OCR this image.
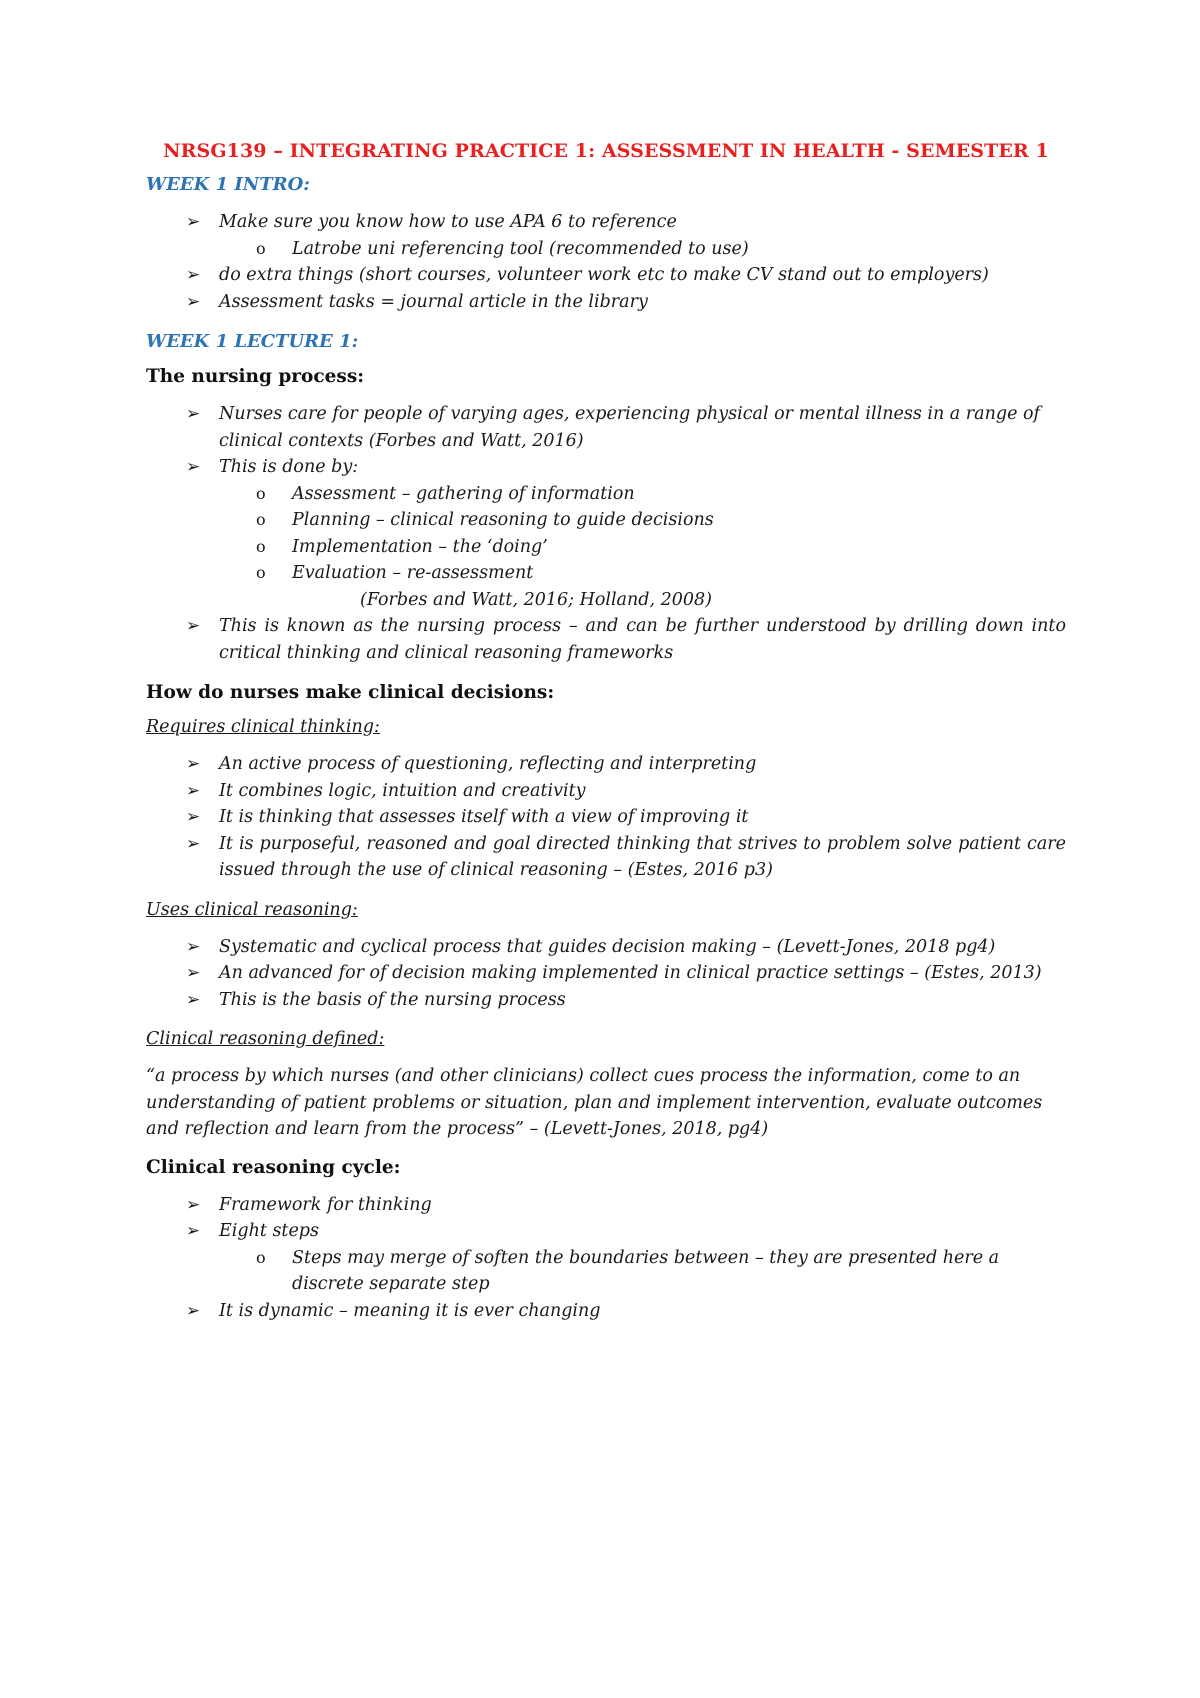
NRSG139 – INTEGRATING PRACTICE 1: ASSESSMENT IN HEALTH - SEMESTER 1
WEEK 1 INTRO:
➢ Make sure you know how to use APA 6 to reference
o Latrobe uni referencing tool (recommended to use)
➢ do extra things (short courses, volunteer work etc to make CV stand out to employers)
➢ Assessment tasks = journal article in the library
WEEK 1 LECTURE 1:
The nursing process:
➢ Nurses care for people of varying ages, experiencing physical or mental illness in a range of clinical contexts (Forbes and Watt, 2016)
➢ This is done by:
o Assessment – gathering of information
o Planning – clinical reasoning to guide decisions
o Implementation – the ‘doing’
o Evaluation – re-assessment
(Forbes and Watt, 2016; Holland, 2008)
➢ This is known as the nursing process – and can be further understood by drilling down into critical thinking and clinical reasoning frameworks
How do nurses make clinical decisions:
Requires clinical thinking:
➢ An active process of questioning, reflecting and interpreting
➢ It combines logic, intuition and creativity
➢ It is thinking that assesses itself with a view of improving it
➢ It is purposeful, reasoned and goal directed thinking that strives to problem solve patient care issued through the use of clinical reasoning – (Estes, 2016 p3)
Uses clinical reasoning:
➢ Systematic and cyclical process that guides decision making – (Levett-Jones, 2018 pg4)
➢ An advanced for of decision making implemented in clinical practice settings – (Estes, 2013)
➢ This is the basis of the nursing process
Clinical reasoning defined:
“a process by which nurses (and other clinicians) collect cues process the information, come to an understanding of patient problems or situation, plan and implement intervention, evaluate outcomes and reflection and learn from the process” – (Levett-Jones, 2018, pg4)
Clinical reasoning cycle:
➢ Framework for thinking
➢ Eight steps
o Steps may merge of soften the boundaries between – they are presented here a discrete separate step
➢ It is dynamic – meaning it is ever changing
